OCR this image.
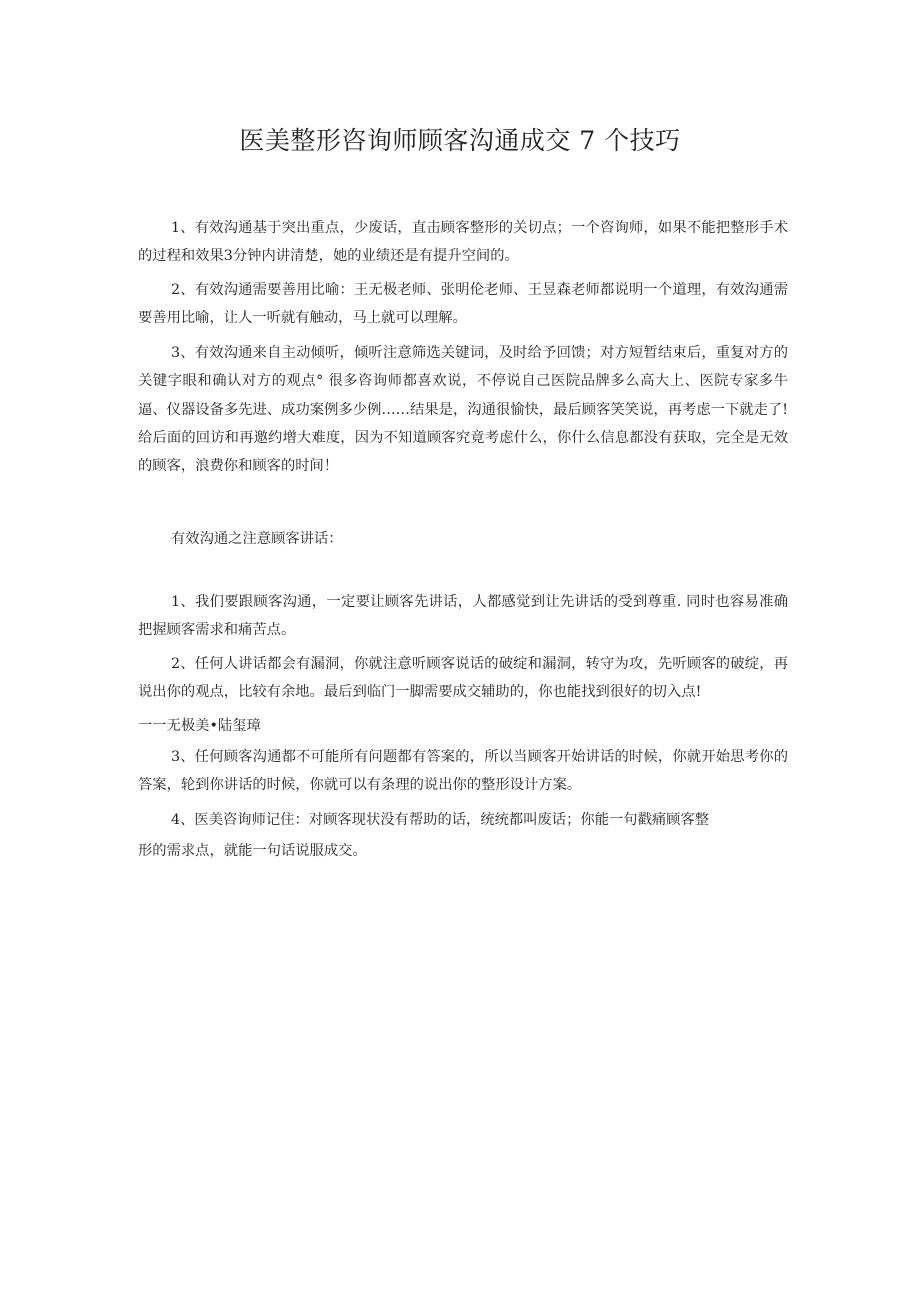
医美整形咨询师顾客沟通成交 7 个技巧

1、有效沟通基于突出重点，少废话，直击顾客整形的关切点；一个咨询师，如果不能把整形手术的过程和效果3分钟内讲清楚，她的业绩还是有提升空间的。

2、有效沟通需要善用比喻：王无极老师、张明伦老师、王昱森老师都说明一个道理，有效沟通需要善用比喻，让人一听就有触动，马上就可以理解。

3、有效沟通来自主动倾听，倾听注意筛选关键词，及时给予回馈；对方短暂结束后，重复对方的关键字眼和确认对方的观点° 很多咨询师都喜欢说，不停说自己医院品牌多么高大上、医院专家多牛逼、仪器设备多先进、成功案例多少例……结果是，沟通很愉快，最后顾客笑笑说，再考虑一下就走了!给后面的回访和再邀约增大难度，因为不知道顾客究竟考虑什么，你什么信息都没有获取，完全是无效的顾客，浪费你和顾客的时间！

有效沟通之注意顾客讲话：

1、我们要跟顾客沟通，一定要让顾客先讲话，人都感觉到让先讲话的受到尊重. 同时也容易准确把握顾客需求和痛苦点。

2、任何人讲话都会有漏洞，你就注意听顾客说话的破绽和漏洞，转守为攻，先听顾客的破绽，再说出你的观点，比较有余地。最后到临门一脚需要成交辅助的，你也能找到很好的切入点!

一一无极美•陆玺璋

3、任何顾客沟通都不可能所有问题都有答案的，所以当顾客开始讲话的时候，你就开始思考你的答案，轮到你讲话的时候，你就可以有条理的说出你的整形设计方案。

4、医美咨询师记住：对顾客现状没有帮助的话，统统都叫废话；你能一句戳痛顾客整
形的需求点，就能一句话说服成交。
